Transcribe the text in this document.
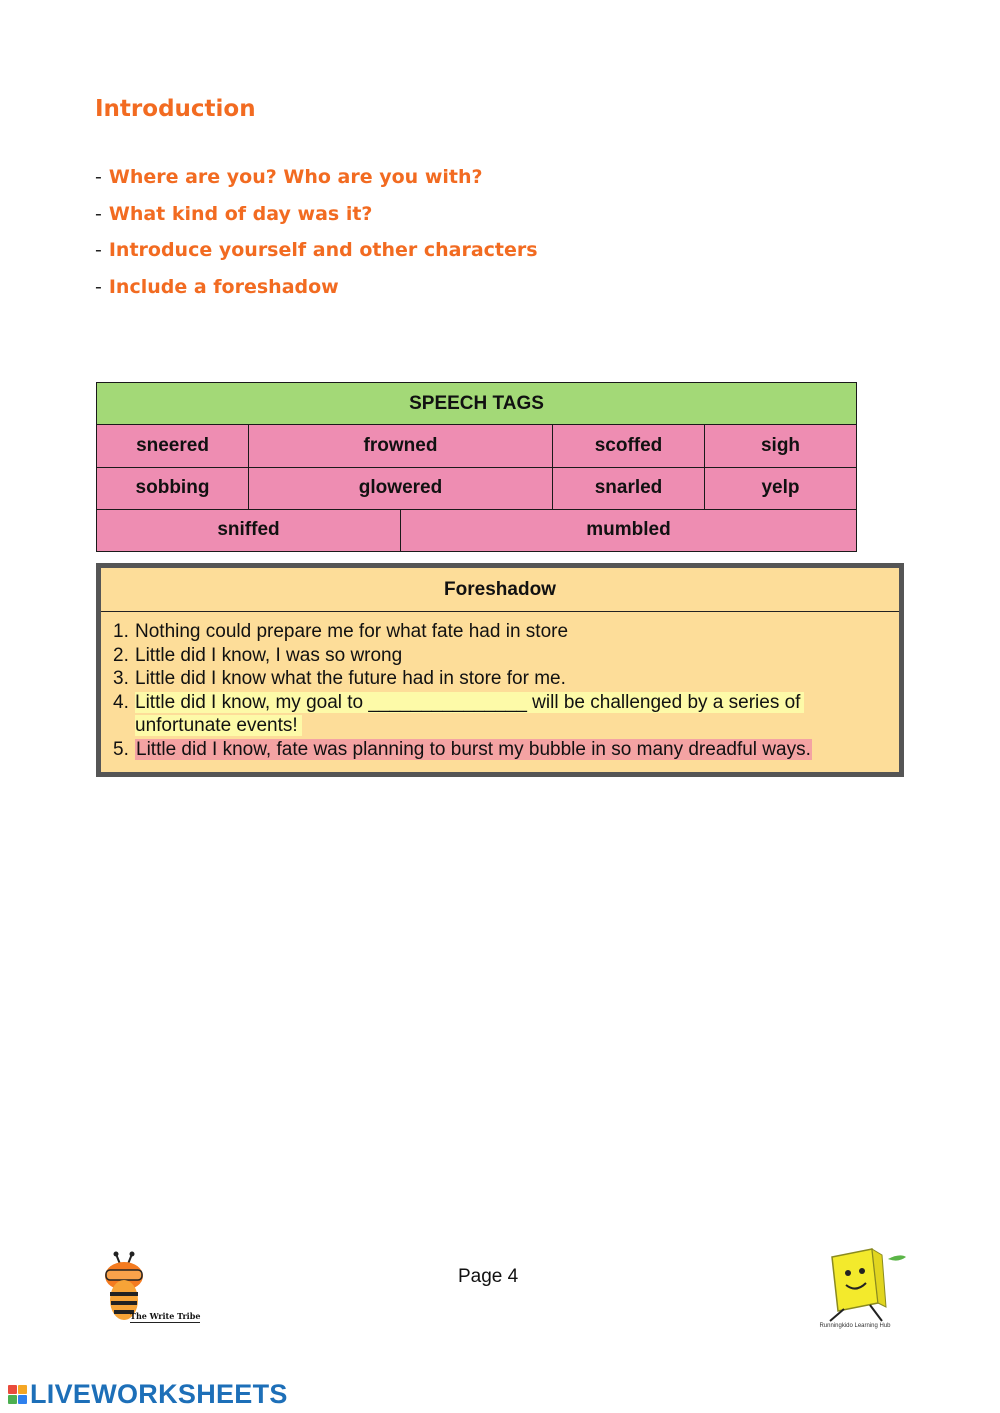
Introduction
- Where are you? Who are you with?
- What kind of day was it?
- Introduce yourself and other characters
- Include a foreshadow
SPEECH TAGS				
sneered	frowned		scoffed	sigh
sobbing	glowered		snarled	yelp
sniffed		mumbled		
Foreshadow
1. Nothing could prepare me for what fate had in store
2. Little did I know, I was so wrong
3. Little did I know what the future had in store for me.
4. Little did I know, my goal to _______________ will be challenged by a series of unfortunate events!
5. Little did I know, fate was planning to burst my bubble in so many dreadful ways.
Page 4
The Write Tribe
Runningkido Learning Hub
LIVEWORKSHEETS
